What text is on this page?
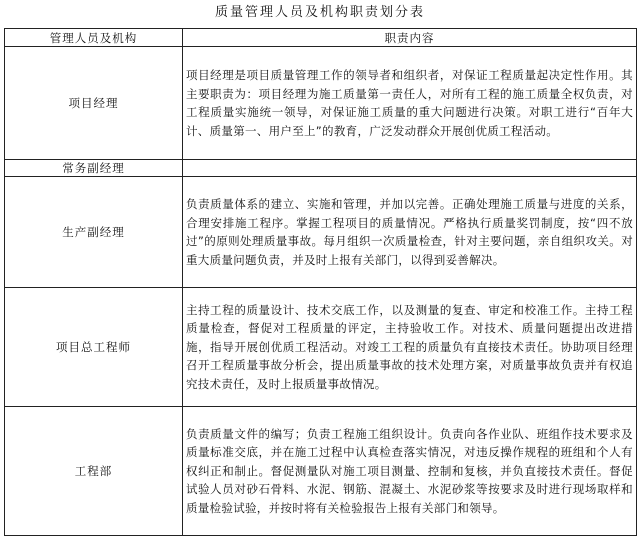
质量管理人员及机构职责划分表
管理人员及机构	职责内容
项目经理	项目经理是项目质量管理工作的领导者和组织者，对保证工程质量起决定性作用。其主要职责为：项目经理为施工质量第一责任人，对所有工程的施工质量全权负责，对工程质量实施统一领导，对保证施工质量的重大问题进行决策。对职工进行“百年大计、质量第一、用户至上”的教育，广泛发动群众开展创优质工程活动。
常务副经理	
生产副经理	负责质量体系的建立、实施和管理，并加以完善。正确处理施工质量与进度的关系，合理安排施工程序。掌握工程项目的质量情况。严格执行质量奖罚制度，按“四不放过”的原则处理质量事故。每月组织一次质量检查，针对主要问题，亲自组织攻关。对重大质量问题负责，并及时上报有关部门，以得到妥善解决。
项目总工程师	主持工程的质量设计、技术交底工作，以及测量的复查、审定和校准工作。主持工程质量检查，督促对工程质量的评定，主持验收工作。对技术、质量问题提出改进措施，指导开展创优质工程活动。对竣工工程的质量负有直接技术责任。协助项目经理召开工程质量事故分析会，提出质量事故的技术处理方案，对质量事故负责并有权追究技术责任，及时上报质量事故情况。
工程部	负责质量文件的编写；负责工程施工组织设计。负责向各作业队、班组作技术要求及质量标准交底，并在施工过程中认真检查落实情况，对违反操作规程的班组和个人有权纠正和制止。督促测量队对施工项目测量、控制和复核，并负直接技术责任。督促试验人员对砂石骨料、水泥、钢筋、混凝土、水泥砂浆等按要求及时进行现场取样和质量检验试验，并按时将有关检验报告上报有关部门和领导。
